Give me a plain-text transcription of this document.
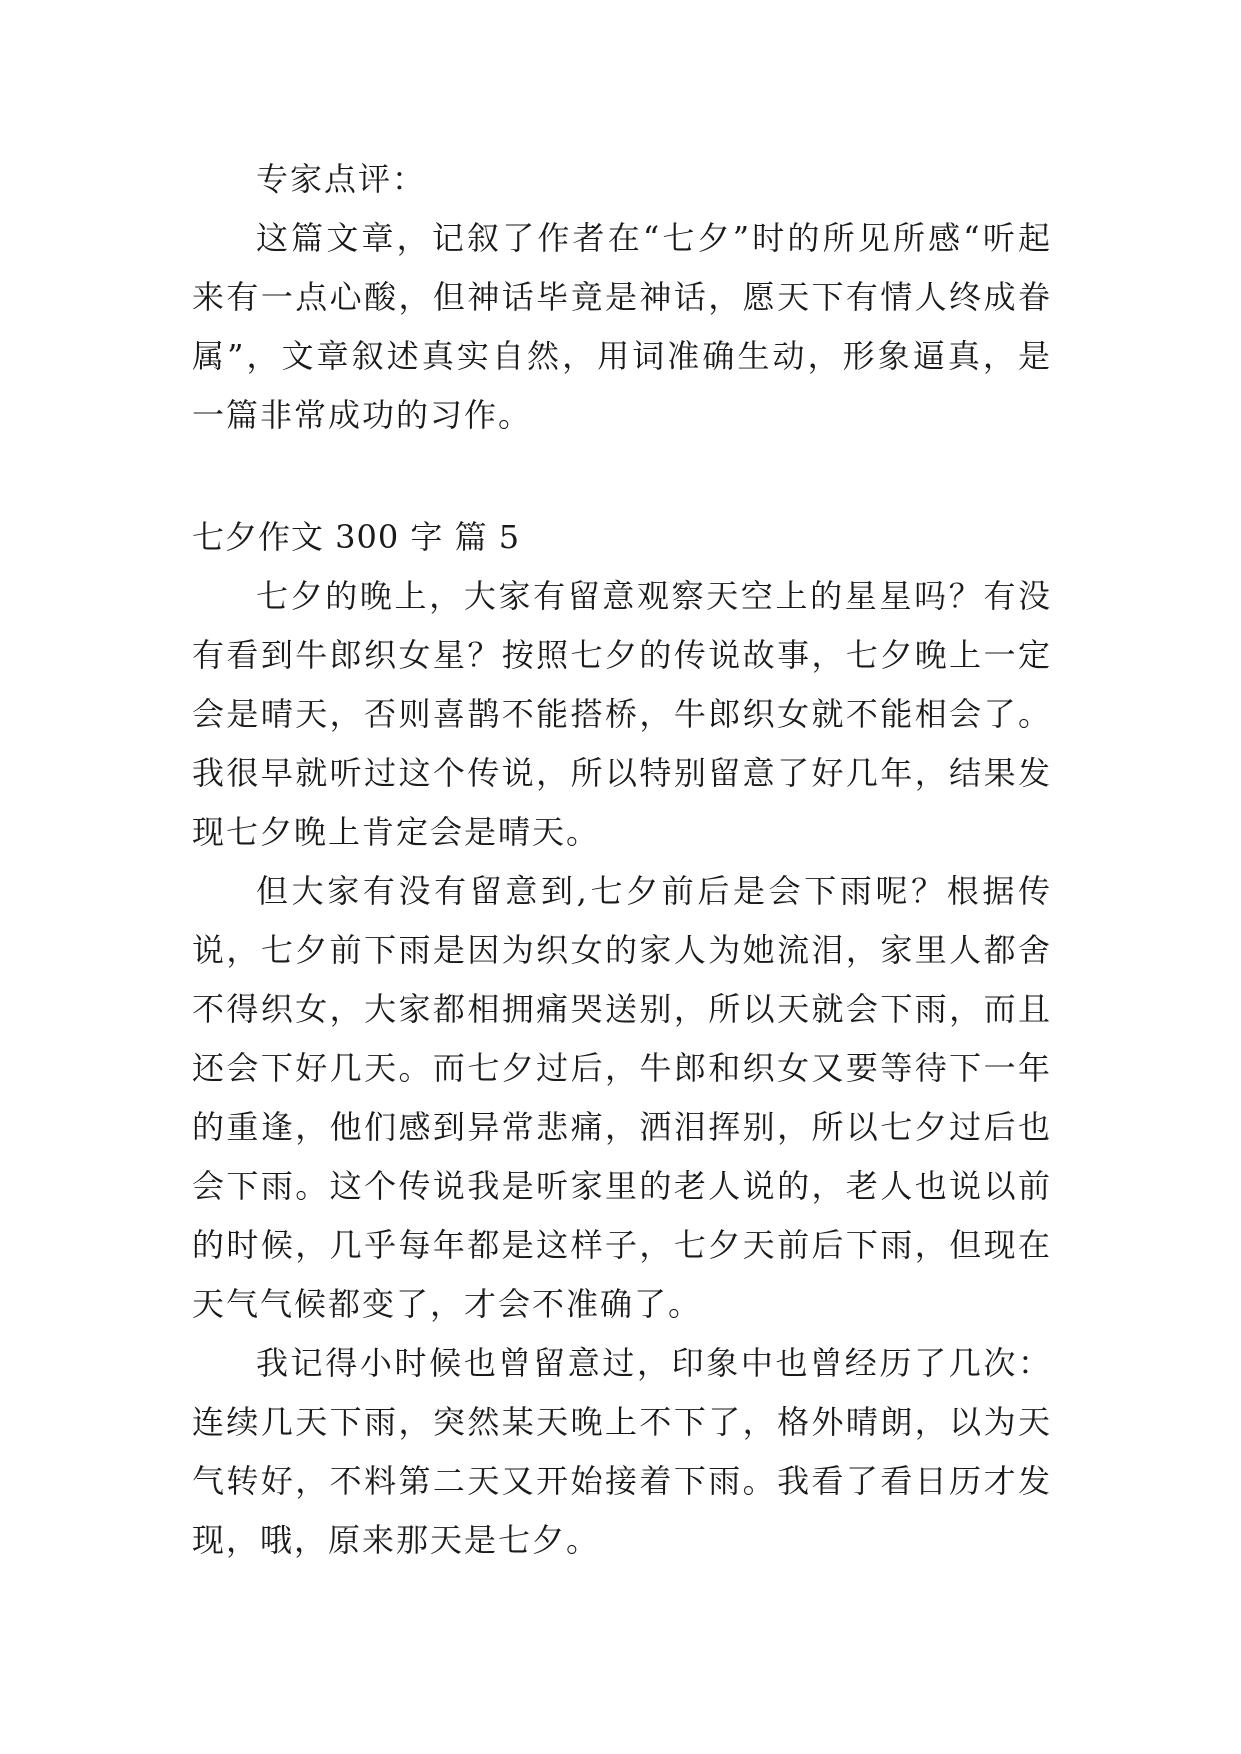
专家点评：

这篇文章，记叙了作者在“七夕”时的所见所感“听起来有一点心酸，但神话毕竟是神话，愿天下有情人终成眷属”，文章叙述真实自然，用词准确生动，形象逼真，是一篇非常成功的习作。

七夕作文 300 字 篇 5

七夕的晚上，大家有留意观察天空上的星星吗？有没有看到牛郎织女星？按照七夕的传说故事，七夕晚上一定会是晴天，否则喜鹊不能搭桥，牛郎织女就不能相会了。我很早就听过这个传说，所以特别留意了好几年，结果发现七夕晚上肯定会是晴天。

但大家有没有留意到,七夕前后是会下雨呢？根据传说，七夕前下雨是因为织女的家人为她流泪，家里人都舍不得织女，大家都相拥痛哭送别，所以天就会下雨，而且还会下好几天。而七夕过后，牛郎和织女又要等待下一年的重逢，他们感到异常悲痛，洒泪挥别，所以七夕过后也会下雨。这个传说我是听家里的老人说的，老人也说以前的时候，几乎每年都是这样子，七夕天前后下雨，但现在天气气候都变了，才会不准确了。

我记得小时候也曾留意过，印象中也曾经历了几次：连续几天下雨，突然某天晚上不下了，格外晴朗，以为天气转好，不料第二天又开始接着下雨。我看了看日历才发现，哦，原来那天是七夕。
